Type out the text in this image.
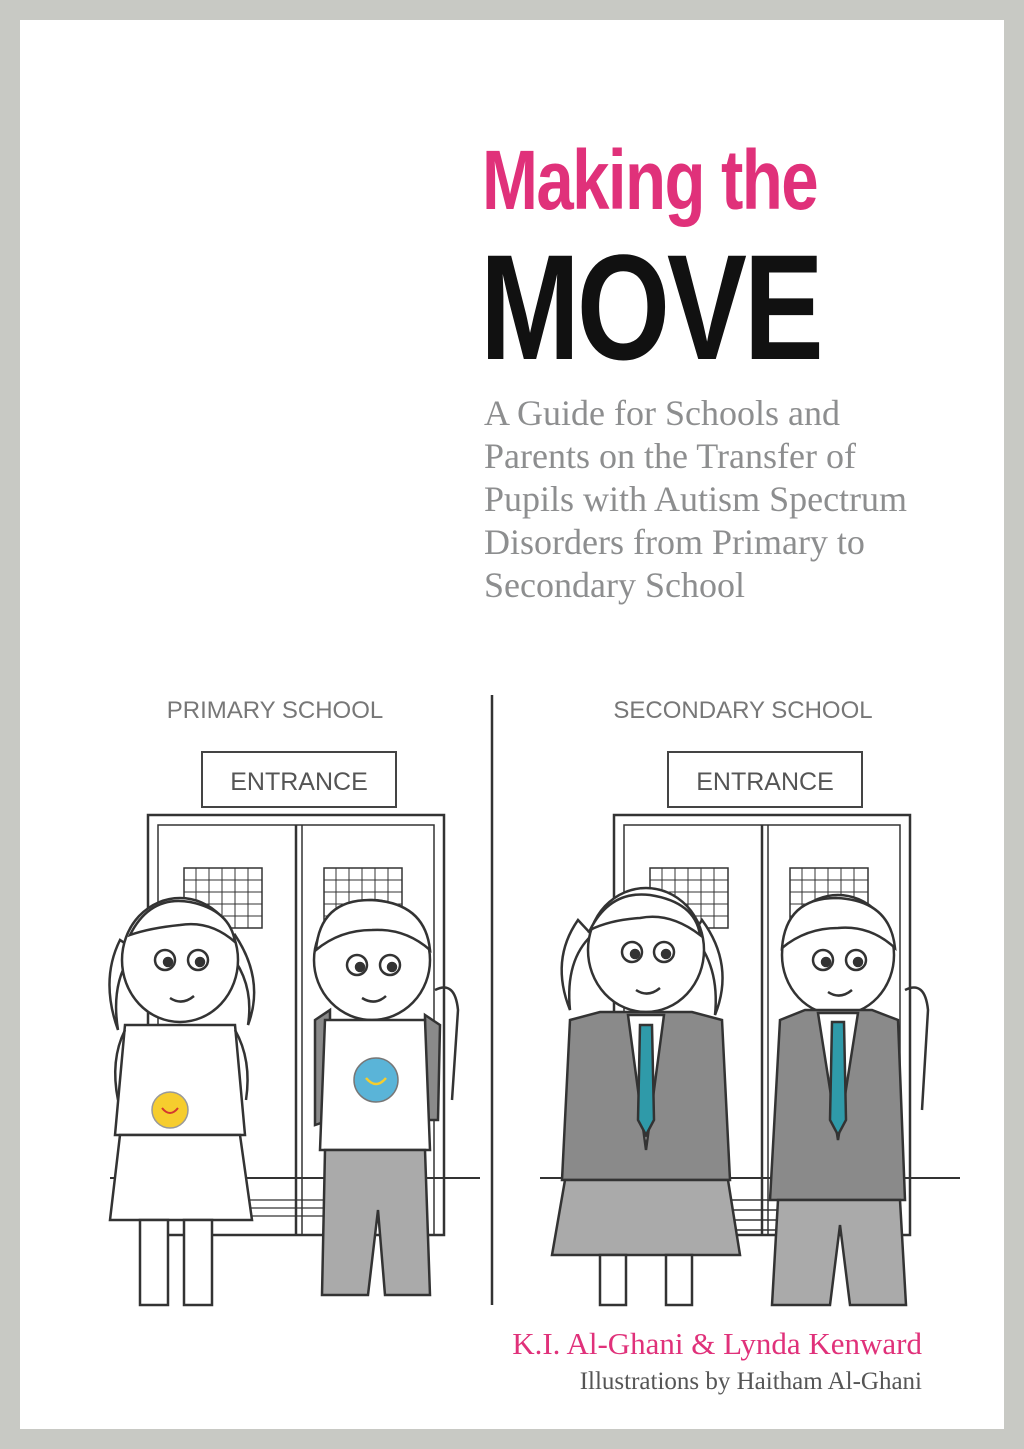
Making the
MOVE
A Guide for Schools and
Parents on the Transfer of
Pupils with Autism Spectrum
Disorders from Primary to
Secondary School
PRIMARY SCHOOL	SECONDARY SCHOOL
ENTRANCE	ENTRANCE
K.I. Al-Ghani & Lynda Kenward
Illustrations by Haitham Al-Ghani
